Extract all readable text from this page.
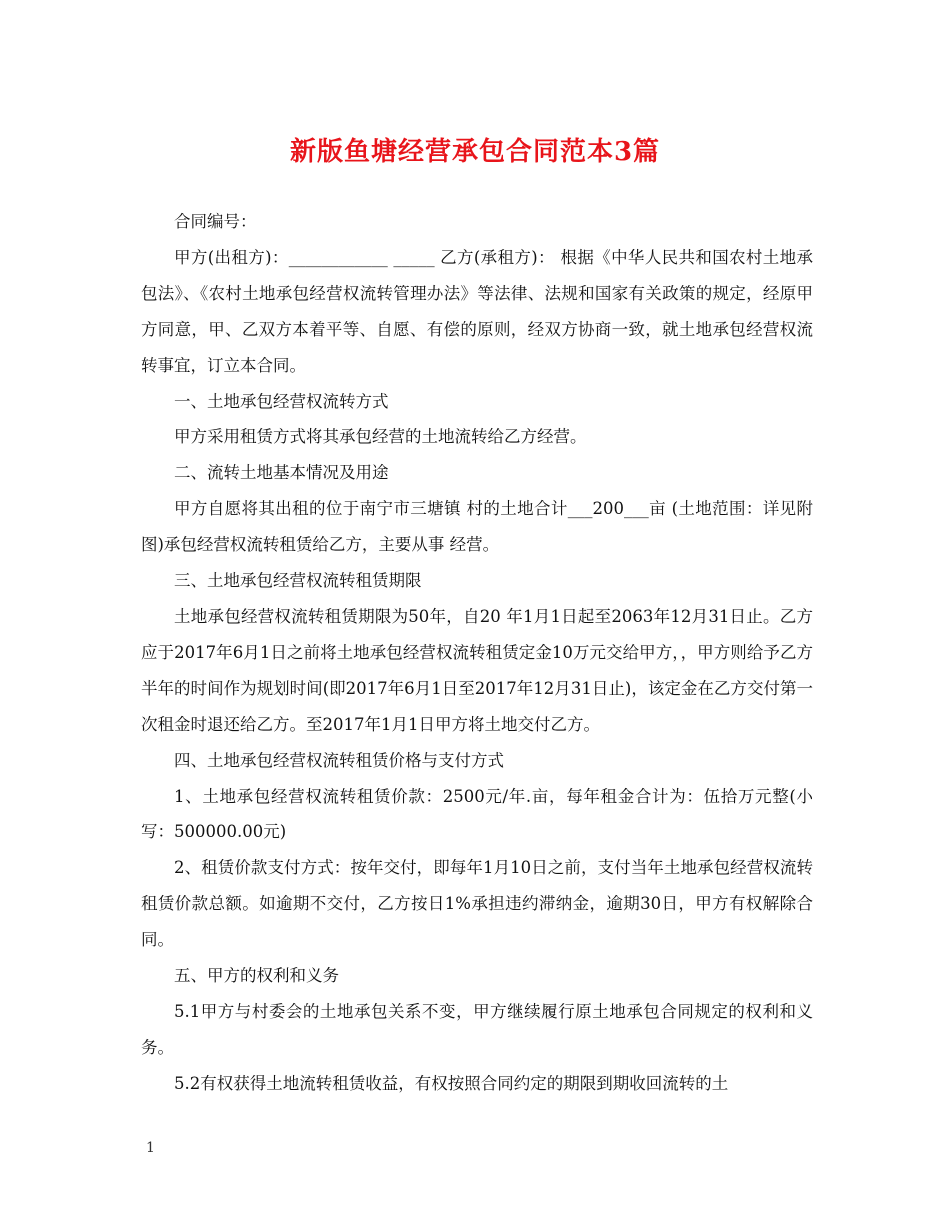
新版鱼塘经营承包合同范本3篇

合同编号：

甲方(出租方)：____________ _____ 乙方(承租方)： 根据《中华人民共和国农村土地承包法》、《农村土地承包经营权流转管理办法》等法律、法规和国家有关政策的规定，经原甲方同意，甲、乙双方本着平等、自愿、有偿的原则，经双方协商一致，就土地承包经营权流转事宜，订立本合同。

一、土地承包经营权流转方式

甲方采用租赁方式将其承包经营的土地流转给乙方经营。

二、流转土地基本情况及用途

甲方自愿将其出租的位于南宁市三塘镇 村的土地合计___200___亩 (土地范围：详见附图)承包经营权流转租赁给乙方，主要从事 经营。

三、土地承包经营权流转租赁期限

土地承包经营权流转租赁期限为50年，自20 年1月1日起至2063年12月31日止。乙方应于2017年6月1日之前将土地承包经营权流转租赁定金10万元交给甲方，，甲方则给予乙方半年的时间作为规划时间(即2017年6月1日至2017年12月31日止)，该定金在乙方交付第一次租金时退还给乙方。至2017年1月1日甲方将土地交付乙方。

四、土地承包经营权流转租赁价格与支付方式

1、土地承包经营权流转租赁价款：2500元/年.亩，每年租金合计为：伍拾万元整(小写：500000.00元)

2、租赁价款支付方式：按年交付，即每年1月10日之前，支付当年土地承包经营权流转租赁价款总额。如逾期不交付，乙方按日1%承担违约滞纳金，逾期30日，甲方有权解除合同。

五、甲方的权利和义务

5.1甲方与村委会的土地承包关系不变，甲方继续履行原土地承包合同规定的权利和义务。

5.2有权获得土地流转租赁收益，有权按照合同约定的期限到期收回流转的土

1
